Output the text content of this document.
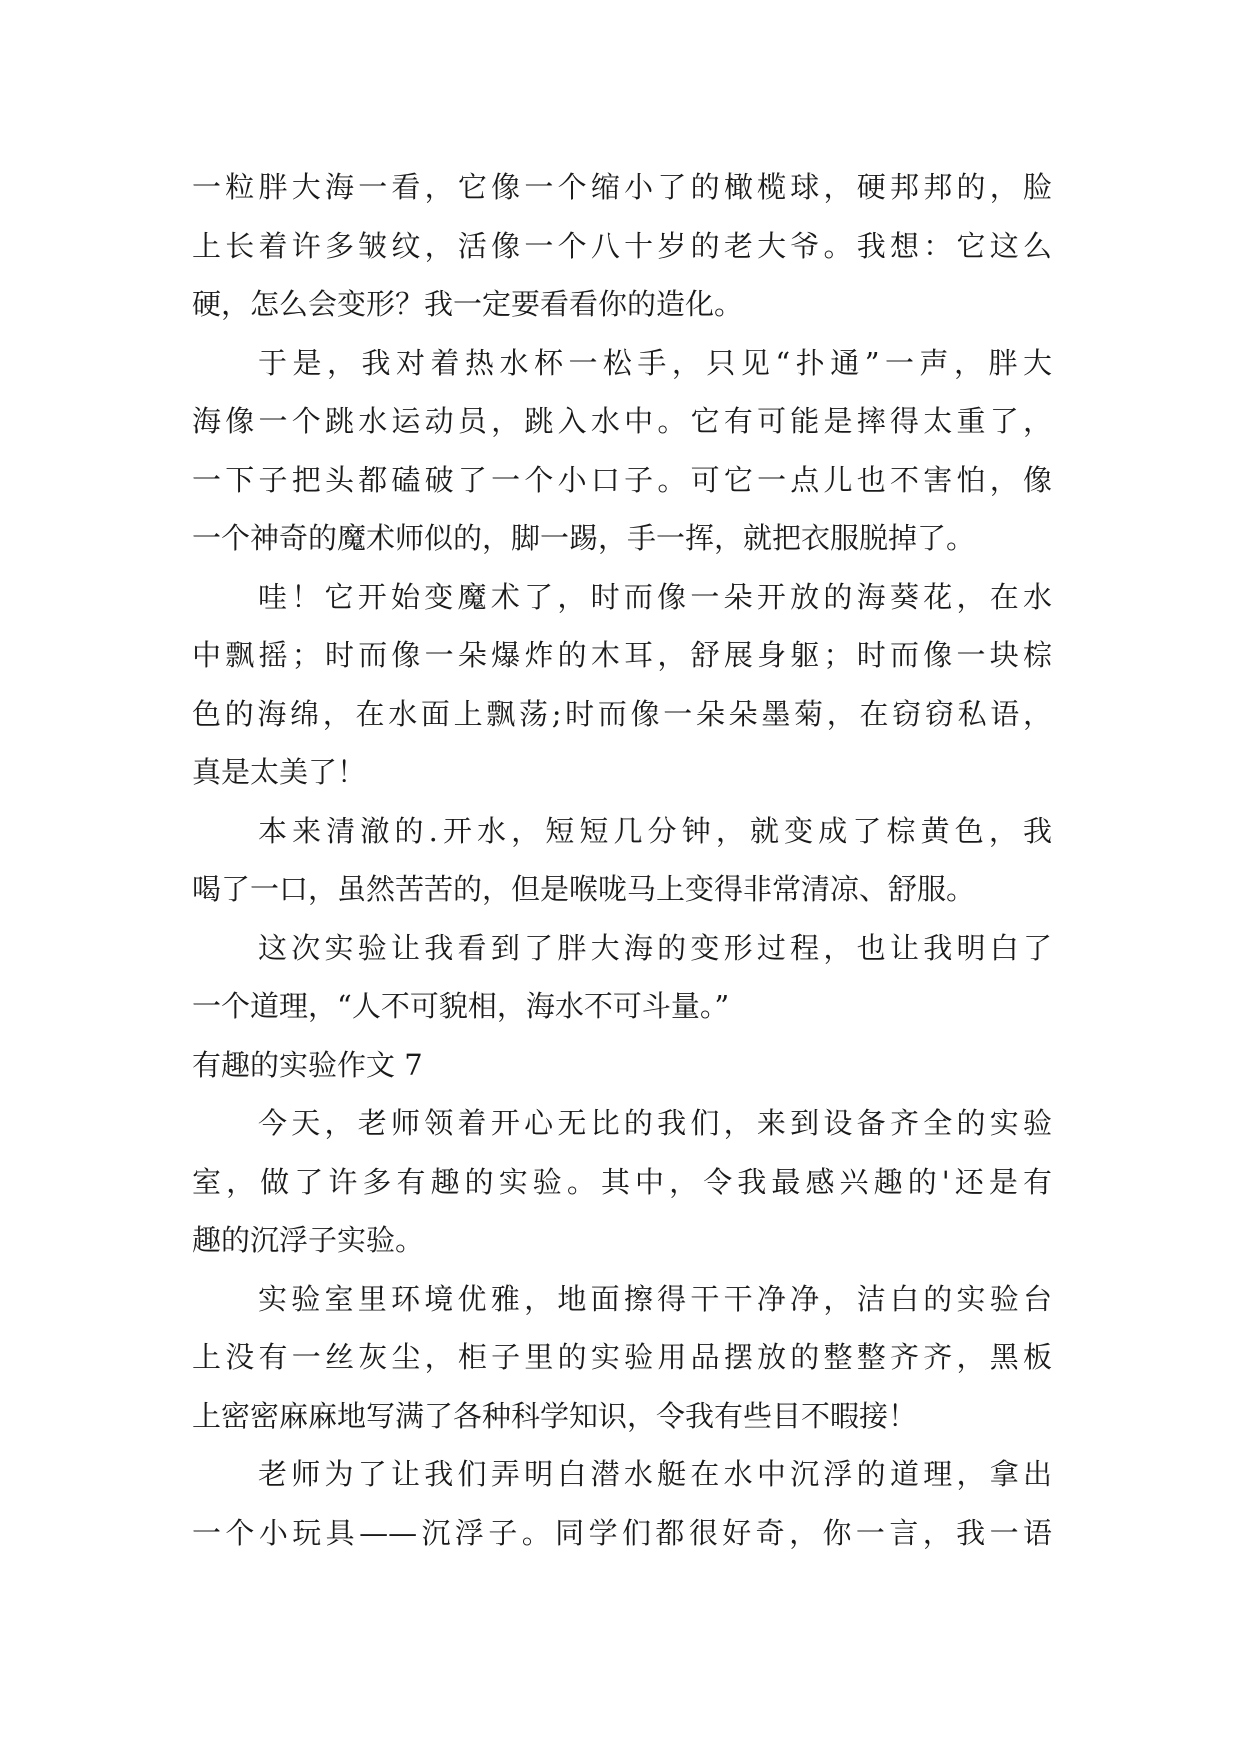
一粒胖大海一看，它像一个缩小了的橄榄球，硬邦邦的，脸
上长着许多皱纹，活像一个八十岁的老大爷。我想：它这么
硬，怎么会变形？我一定要看看你的造化。
于是，我对着热水杯一松手，只见“扑通”一声，胖大
海像一个跳水运动员，跳入水中。它有可能是摔得太重了，
一下子把头都磕破了一个小口子。可它一点儿也不害怕，像
一个神奇的魔术师似的，脚一踢，手一挥，就把衣服脱掉了。
哇！它开始变魔术了，时而像一朵开放的海葵花，在水
中飘摇；时而像一朵爆炸的木耳，舒展身躯；时而像一块棕
色的海绵，在水面上飘荡;时而像一朵朵墨菊，在窃窃私语，
真是太美了！
本来清澈的.开水，短短几分钟，就变成了棕黄色，我
喝了一口，虽然苦苦的，但是喉咙马上变得非常清凉、舒服。
这次实验让我看到了胖大海的变形过程，也让我明白了
一个道理，“人不可貌相，海水不可斗量。”
有趣的实验作文 7
今天，老师领着开心无比的我们，来到设备齐全的实验
室，做了许多有趣的实验。其中，令我最感兴趣的'还是有
趣的沉浮子实验。
实验室里环境优雅，地面擦得干干净净，洁白的实验台
上没有一丝灰尘，柜子里的实验用品摆放的整整齐齐，黑板
上密密麻麻地写满了各种科学知识，令我有些目不暇接！
老师为了让我们弄明白潜水艇在水中沉浮的道理，拿出
一个小玩具——沉浮子。同学们都很好奇，你一言，我一语
